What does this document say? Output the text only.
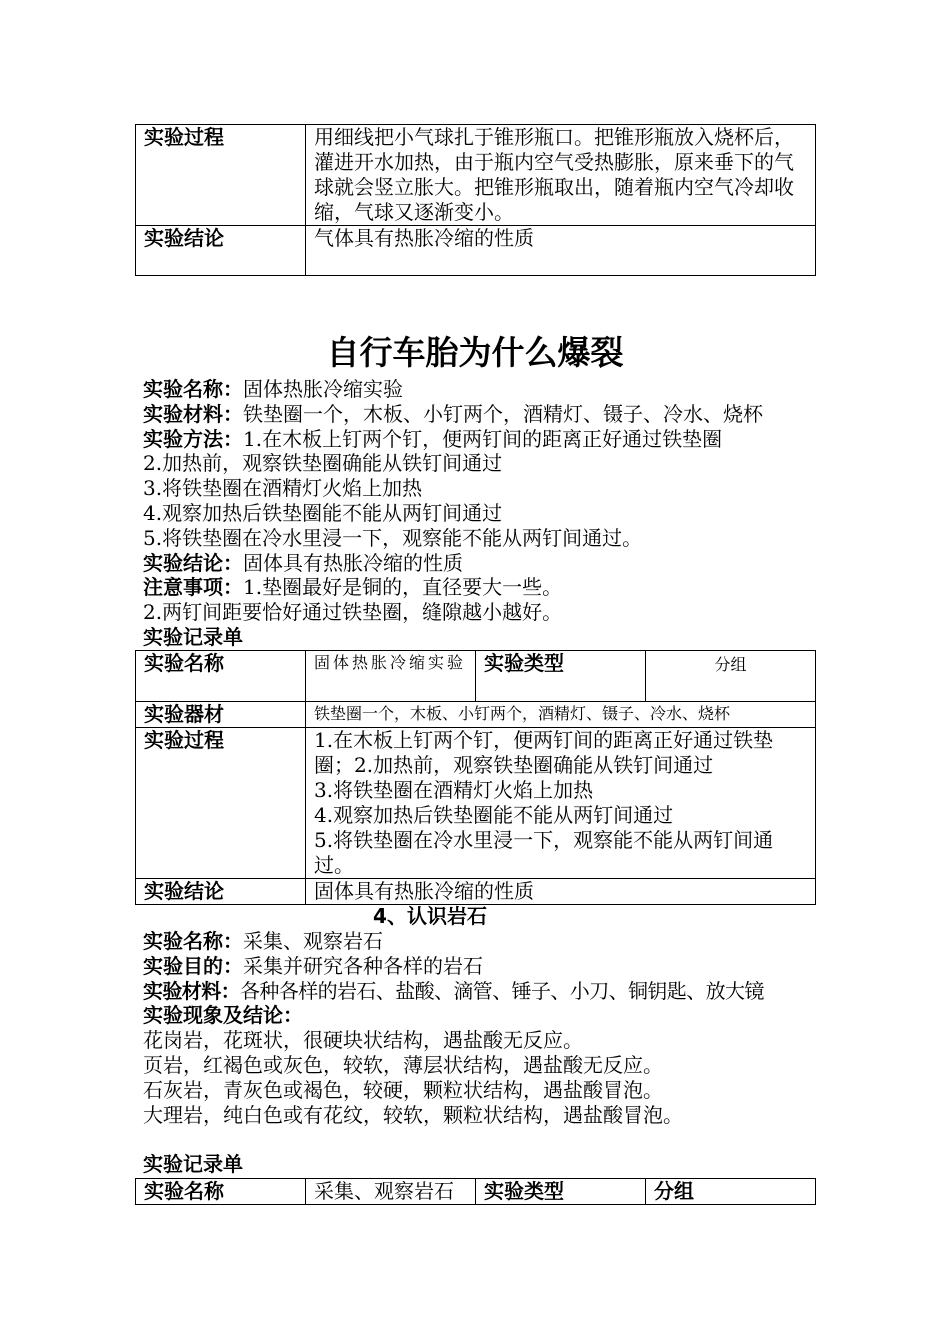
实验过程	用细线把小气球扎于锥形瓶口。把锥形瓶放入烧杯后，灌进开水加热，由于瓶内空气受热膨胀，原来垂下的气球就会竖立胀大。把锥形瓶取出，随着瓶内空气冷却收缩，气球又逐渐变小。
实验结论	气体具有热胀冷缩的性质
自行车胎为什么爆裂
实验名称：固体热胀冷缩实验
实验材料：铁垫圈一个，木板、小钉两个，酒精灯、镊子、冷水、烧杯
实验方法：1.在木板上钉两个钉，便两钉间的距离正好通过铁垫圈
2.加热前，观察铁垫圈确能从铁钉间通过
3.将铁垫圈在酒精灯火焰上加热
4.观察加热后铁垫圈能不能从两钉间通过
5.将铁垫圈在冷水里浸一下，观察能不能从两钉间通过。
实验结论：固体具有热胀冷缩的性质
注意事项：1.垫圈最好是铜的，直径要大一些。
2.两钉间距要恰好通过铁垫圈，缝隙越小越好。
实验记录单
实验名称	固体热胀冷缩实验	实验类型	分组
实验器材	铁垫圈一个，木板、小钉两个，酒精灯、镊子、冷水、烧杯		
实验过程	1.在木板上钉两个钉，便两钉间的距离正好通过铁垫圈；2.加热前，观察铁垫圈确能从铁钉间通过
3.将铁垫圈在酒精灯火焰上加热
4.观察加热后铁垫圈能不能从两钉间通过
5.将铁垫圈在冷水里浸一下，观察能不能从两钉间通过。		
实验结论	固体具有热胀冷缩的性质		
4、认识岩石
实验名称：采集、观察岩石
实验目的：采集并研究各种各样的岩石
实验材料：各种各样的岩石、盐酸、滴管、锤子、小刀、铜钥匙、放大镜
实验现象及结论：
花岗岩，花斑状，很硬块状结构，遇盐酸无反应。
页岩，红褐色或灰色，较软，薄层状结构，遇盐酸无反应。
石灰岩，青灰色或褐色，较硬，颗粒状结构，遇盐酸冒泡。
大理岩，纯白色或有花纹，较软，颗粒状结构，遇盐酸冒泡。
实验记录单
实验名称	采集、观察岩石	实验类型	分组
